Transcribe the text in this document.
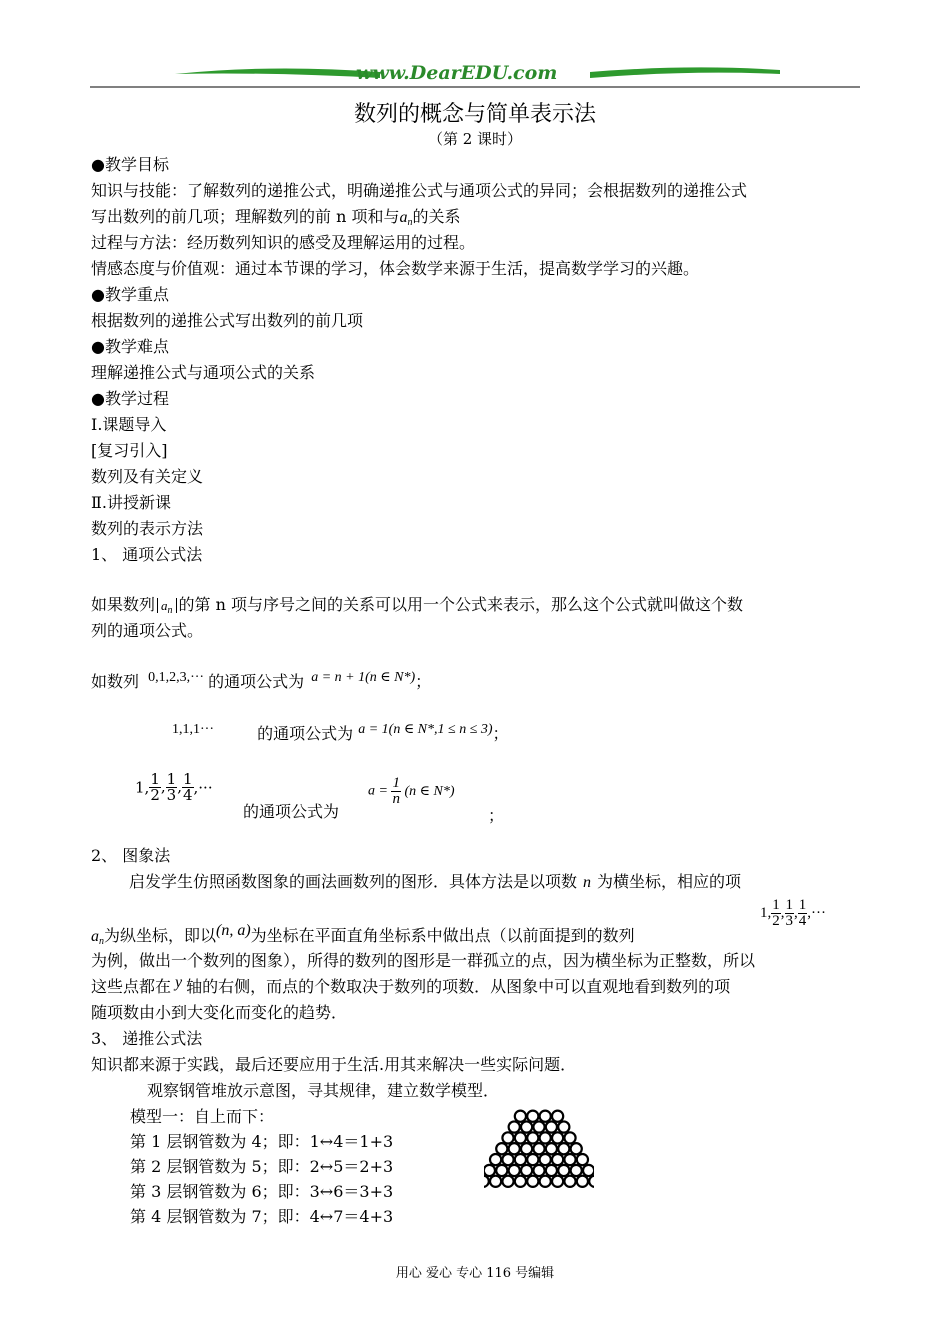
www.DearEDU.com
数列的概念与简单表示法
（第 2 课时）
●教学目标
知识与技能：了解数列的递推公式，明确递推公式与通项公式的异同；会根据数列的递推公式
写出数列的前几项；理解数列的前 n 项和与$a_n$的关系
过程与方法：经历数列知识的感受及理解运用的过程。
情感态度与价值观：通过本节课的学习，体会数学来源于生活，提高数学学习的兴趣。
●教学重点
根据数列的递推公式写出数列的前几项
●教学难点
理解递推公式与通项公式的关系
●教学过程
Ⅰ.课题导入
[复习引入]
数列及有关定义
Ⅱ.讲授新课
数列的表示方法
1、 通项公式法
如果数列 $a_n$ 的第 n 项与序号之间的关系可以用一个公式来表示，那么这个公式就叫做这个数
列的通项公式。
如数列 0,1,2,3,··· 的通项公式为 a = n + 1(n ∈ N*)；
1,1,1···	的通项公式为 a = 1(n ∈ N*,1 ≤ n ≤ 3)；
1, $\frac{1}{2}$ , $\frac{1}{3}$ , $\frac{1}{4}$ ,···
的通项公式为
$a = \frac{1}{n} (n$ ∈ N*)
；
2、 图象法
启发学生仿照函数图象的画法画数列的图形．具体方法是以项数 n 为横坐标，相应的项
$a_n$为纵坐标，即以(n, a)为坐标在平面直角坐标系中做出点（以前面提到的数列
1, $\frac{1}{2}$ , $\frac{1}{3}$ , $\frac{1}{4}$ ,···
为例，做出一个数列的图象），所得的数列的图形是一群孤立的点，因为横坐标为正整数，所以
这些点都在 y 轴的右侧，而点的个数取决于数列的项数．从图象中可以直观地看到数列的项
随项数由小到大变化而变化的趋势．
3、 递推公式法
知识都来源于实践，最后还要应用于生活.用其来解决一些实际问题．
观察钢管堆放示意图，寻其规律，建立数学模型．
模型一：自上而下：
第 1 层钢管数为 4；即：1↔4＝1+3
第 2 层钢管数为 5；即：2↔5＝2+3
第 3 层钢管数为 6；即：3↔6＝3+3
第 4 层钢管数为 7；即：4↔7＝4+3
用心 爱心 专心 116 号编辑
